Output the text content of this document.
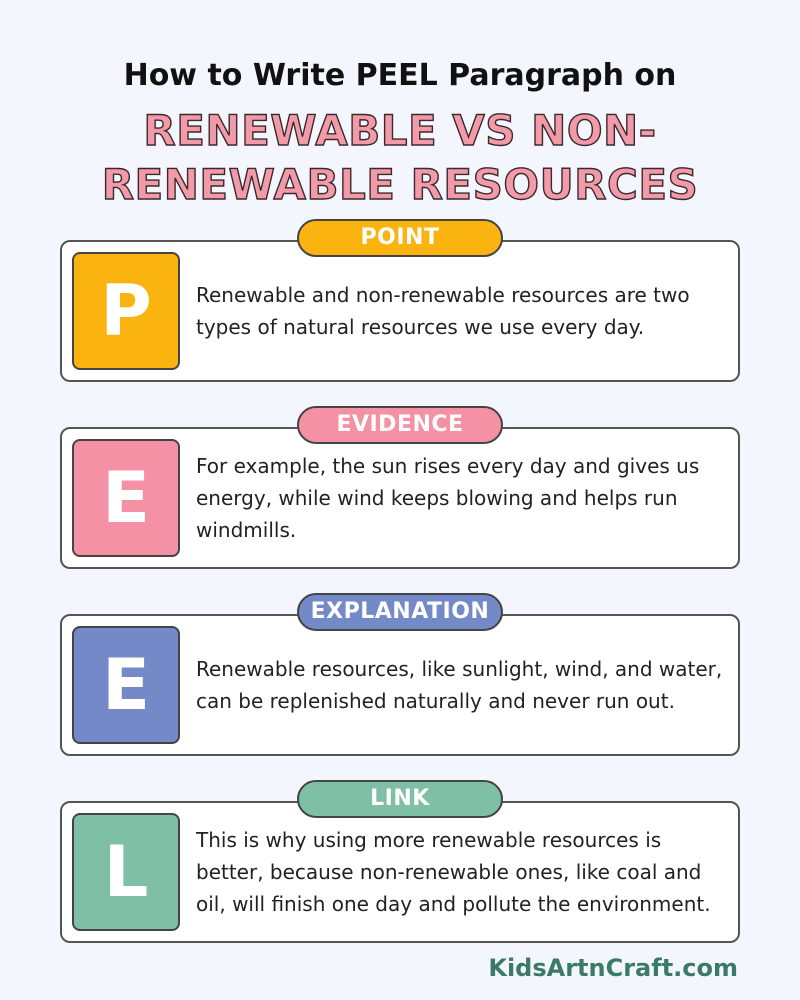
How to Write PEEL Paragraph on
RENEWABLE VS NON-RENEWABLE RESOURCES
POINT
P	Renewable and non-renewable resources are two types of natural resources we use every day.
EVIDENCE
E	For example, the sun rises every day and gives us energy, while wind keeps blowing and helps run windmills.
EXPLANATION
E	Renewable resources, like sunlight, wind, and water, can be replenished naturally and never run out.
LINK
L	This is why using more renewable resources is better, because non-renewable ones, like coal and oil, will finish one day and pollute the environment.
KidsArtnCraft.com
